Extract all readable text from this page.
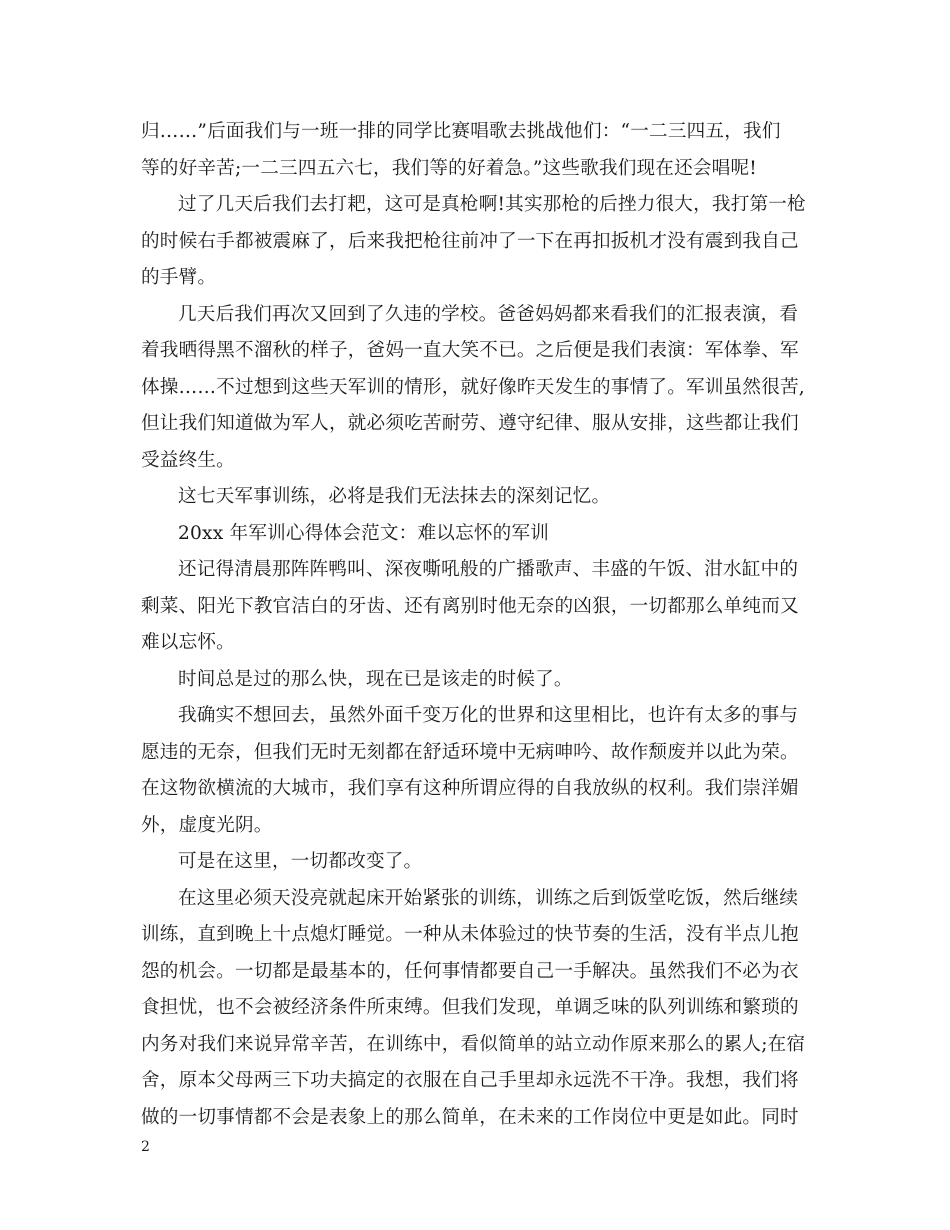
归……”后面我们与一班一排的同学比赛唱歌去挑战他们：“一二三四五，我们
等的好辛苦;一二三四五六七，我们等的好着急。”这些歌我们现在还会唱呢!
过了几天后我们去打耙，这可是真枪啊!其实那枪的后挫力很大，我打第一枪
的时候右手都被震麻了，后来我把枪往前冲了一下在再扣扳机才没有震到我自己
的手臂。
几天后我们再次又回到了久违的学校。爸爸妈妈都来看我们的汇报表演，看
着我晒得黑不溜秋的样子，爸妈一直大笑不已。之后便是我们表演：军体拳、军
体操……不过想到这些天军训的情形，就好像昨天发生的事情了。军训虽然很苦,
但让我们知道做为军人，就必须吃苦耐劳、遵守纪律、服从安排，这些都让我们
受益终生。
这七天军事训练，必将是我们无法抹去的深刻记忆。
20xx 年军训心得体会范文：难以忘怀的军训
还记得清晨那阵阵鸭叫、深夜嘶吼般的广播歌声、丰盛的午饭、泔水缸中的
剩菜、阳光下教官洁白的牙齿、还有离别时他无奈的凶狠，一切都那么单纯而又
难以忘怀。
时间总是过的那么快，现在已是该走的时候了。
我确实不想回去，虽然外面千变万化的世界和这里相比，也许有太多的事与
愿违的无奈，但我们无时无刻都在舒适环境中无病呻吟、故作颓废并以此为荣。
在这物欲横流的大城市，我们享有这种所谓应得的自我放纵的权利。我们崇洋媚
外，虚度光阴。
可是在这里，一切都改变了。
在这里必须天没亮就起床开始紧张的训练，训练之后到饭堂吃饭，然后继续
训练，直到晚上十点熄灯睡觉。一种从未体验过的快节奏的生活，没有半点儿抱
怨的机会。一切都是最基本的，任何事情都要自己一手解决。虽然我们不必为衣
食担忧，也不会被经济条件所束缚。但我们发现，单调乏味的队列训练和繁琐的
内务对我们来说异常辛苦，在训练中，看似简单的站立动作原来那么的累人;在宿
舍，原本父母两三下功夫搞定的衣服在自己手里却永远洗不干净。我想，我们将
做的一切事情都不会是表象上的那么简单，在未来的工作岗位中更是如此。同时
2
